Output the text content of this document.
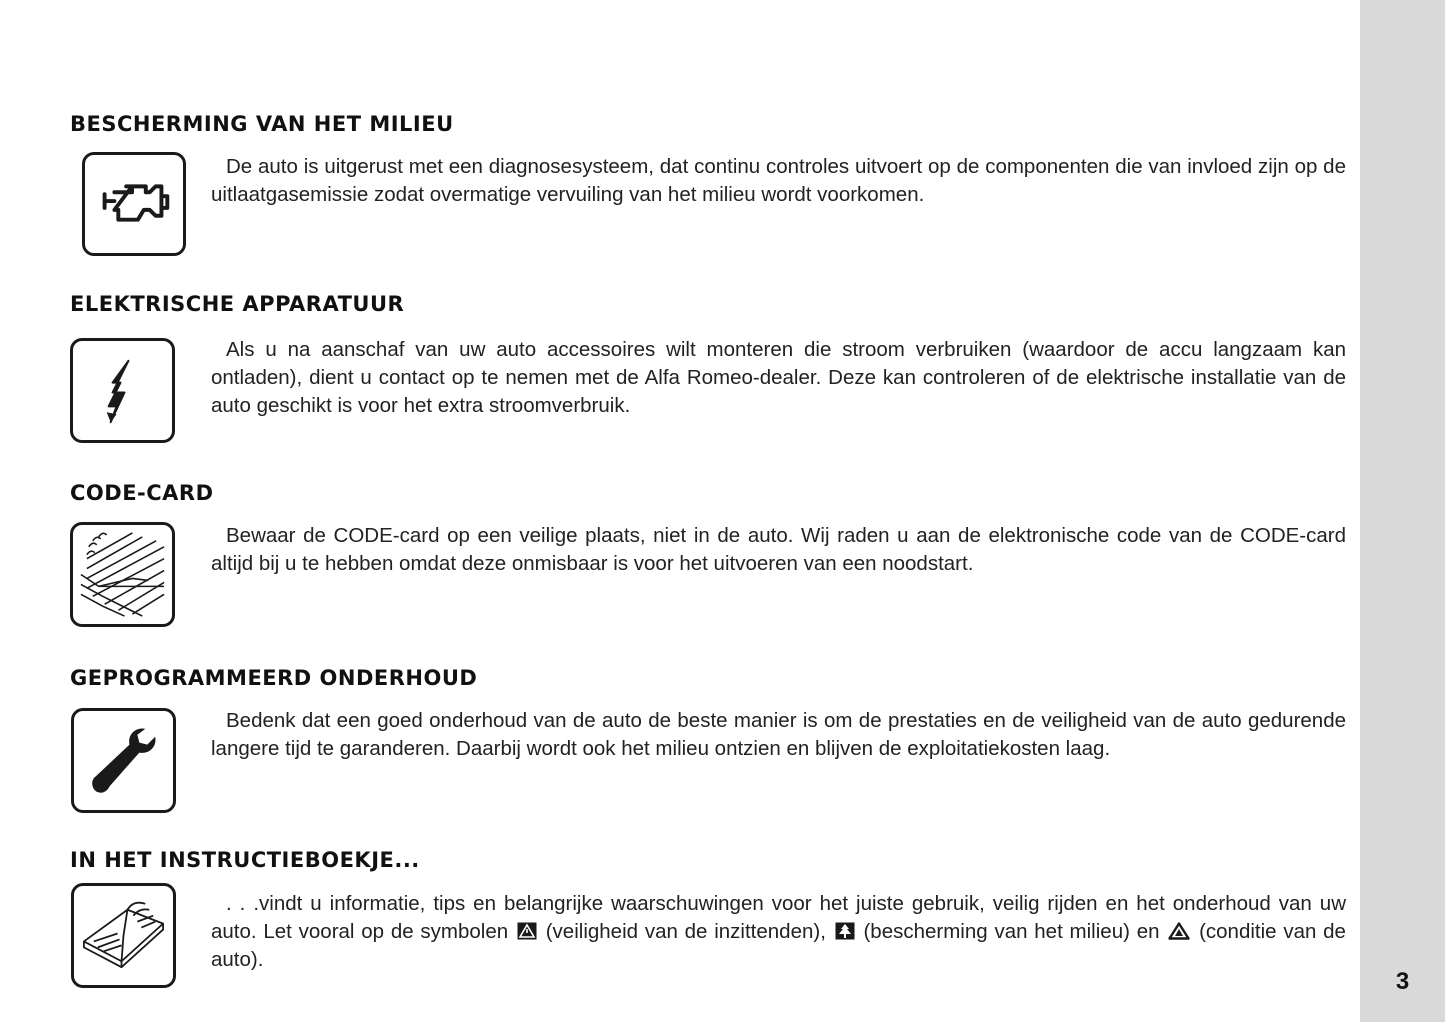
3
BESCHERMING VAN HET MILIEU

De auto is uitgerust met een diagnosesysteem, dat continu controles uitvoert op de componenten die van invloed zijn op de uitlaatgasemissie zodat overmatige vervuiling van het milieu wordt voorkomen.

ELEKTRISCHE APPARATUUR

Als u na aanschaf van uw auto accessoires wilt monteren die stroom verbruiken (waardoor de accu langzaam kan ontladen), dient u contact op te nemen met de Alfa Romeo-dealer. Deze kan controleren of de elektrische installatie van de auto geschikt is voor het extra stroomverbruik.

CODE-CARD

Bewaar de CODE-card op een veilige plaats, niet in de auto. Wij raden u aan de elektronische code van de CODE-card altijd bij u te hebben omdat deze onmisbaar is voor het uitvoeren van een noodstart.

GEPROGRAMMEERD ONDERHOUD

Bedenk dat een goed onderhoud van de auto de beste manier is om de prestaties en de veiligheid van de auto gedurende langere tijd te garanderen. Daarbij wordt ook het milieu ontzien en blijven de exploitatiekosten laag.

IN HET INSTRUCTIEBOEKJE...

. . .vindt u informatie, tips en belangrijke waarschuwingen voor het juiste gebruik, veilig rijden en het onderhoud van uw auto. Let vooral op de symbolen (veiligheid van de inzittenden), (bescherming van het milieu) en (conditie van de auto).
